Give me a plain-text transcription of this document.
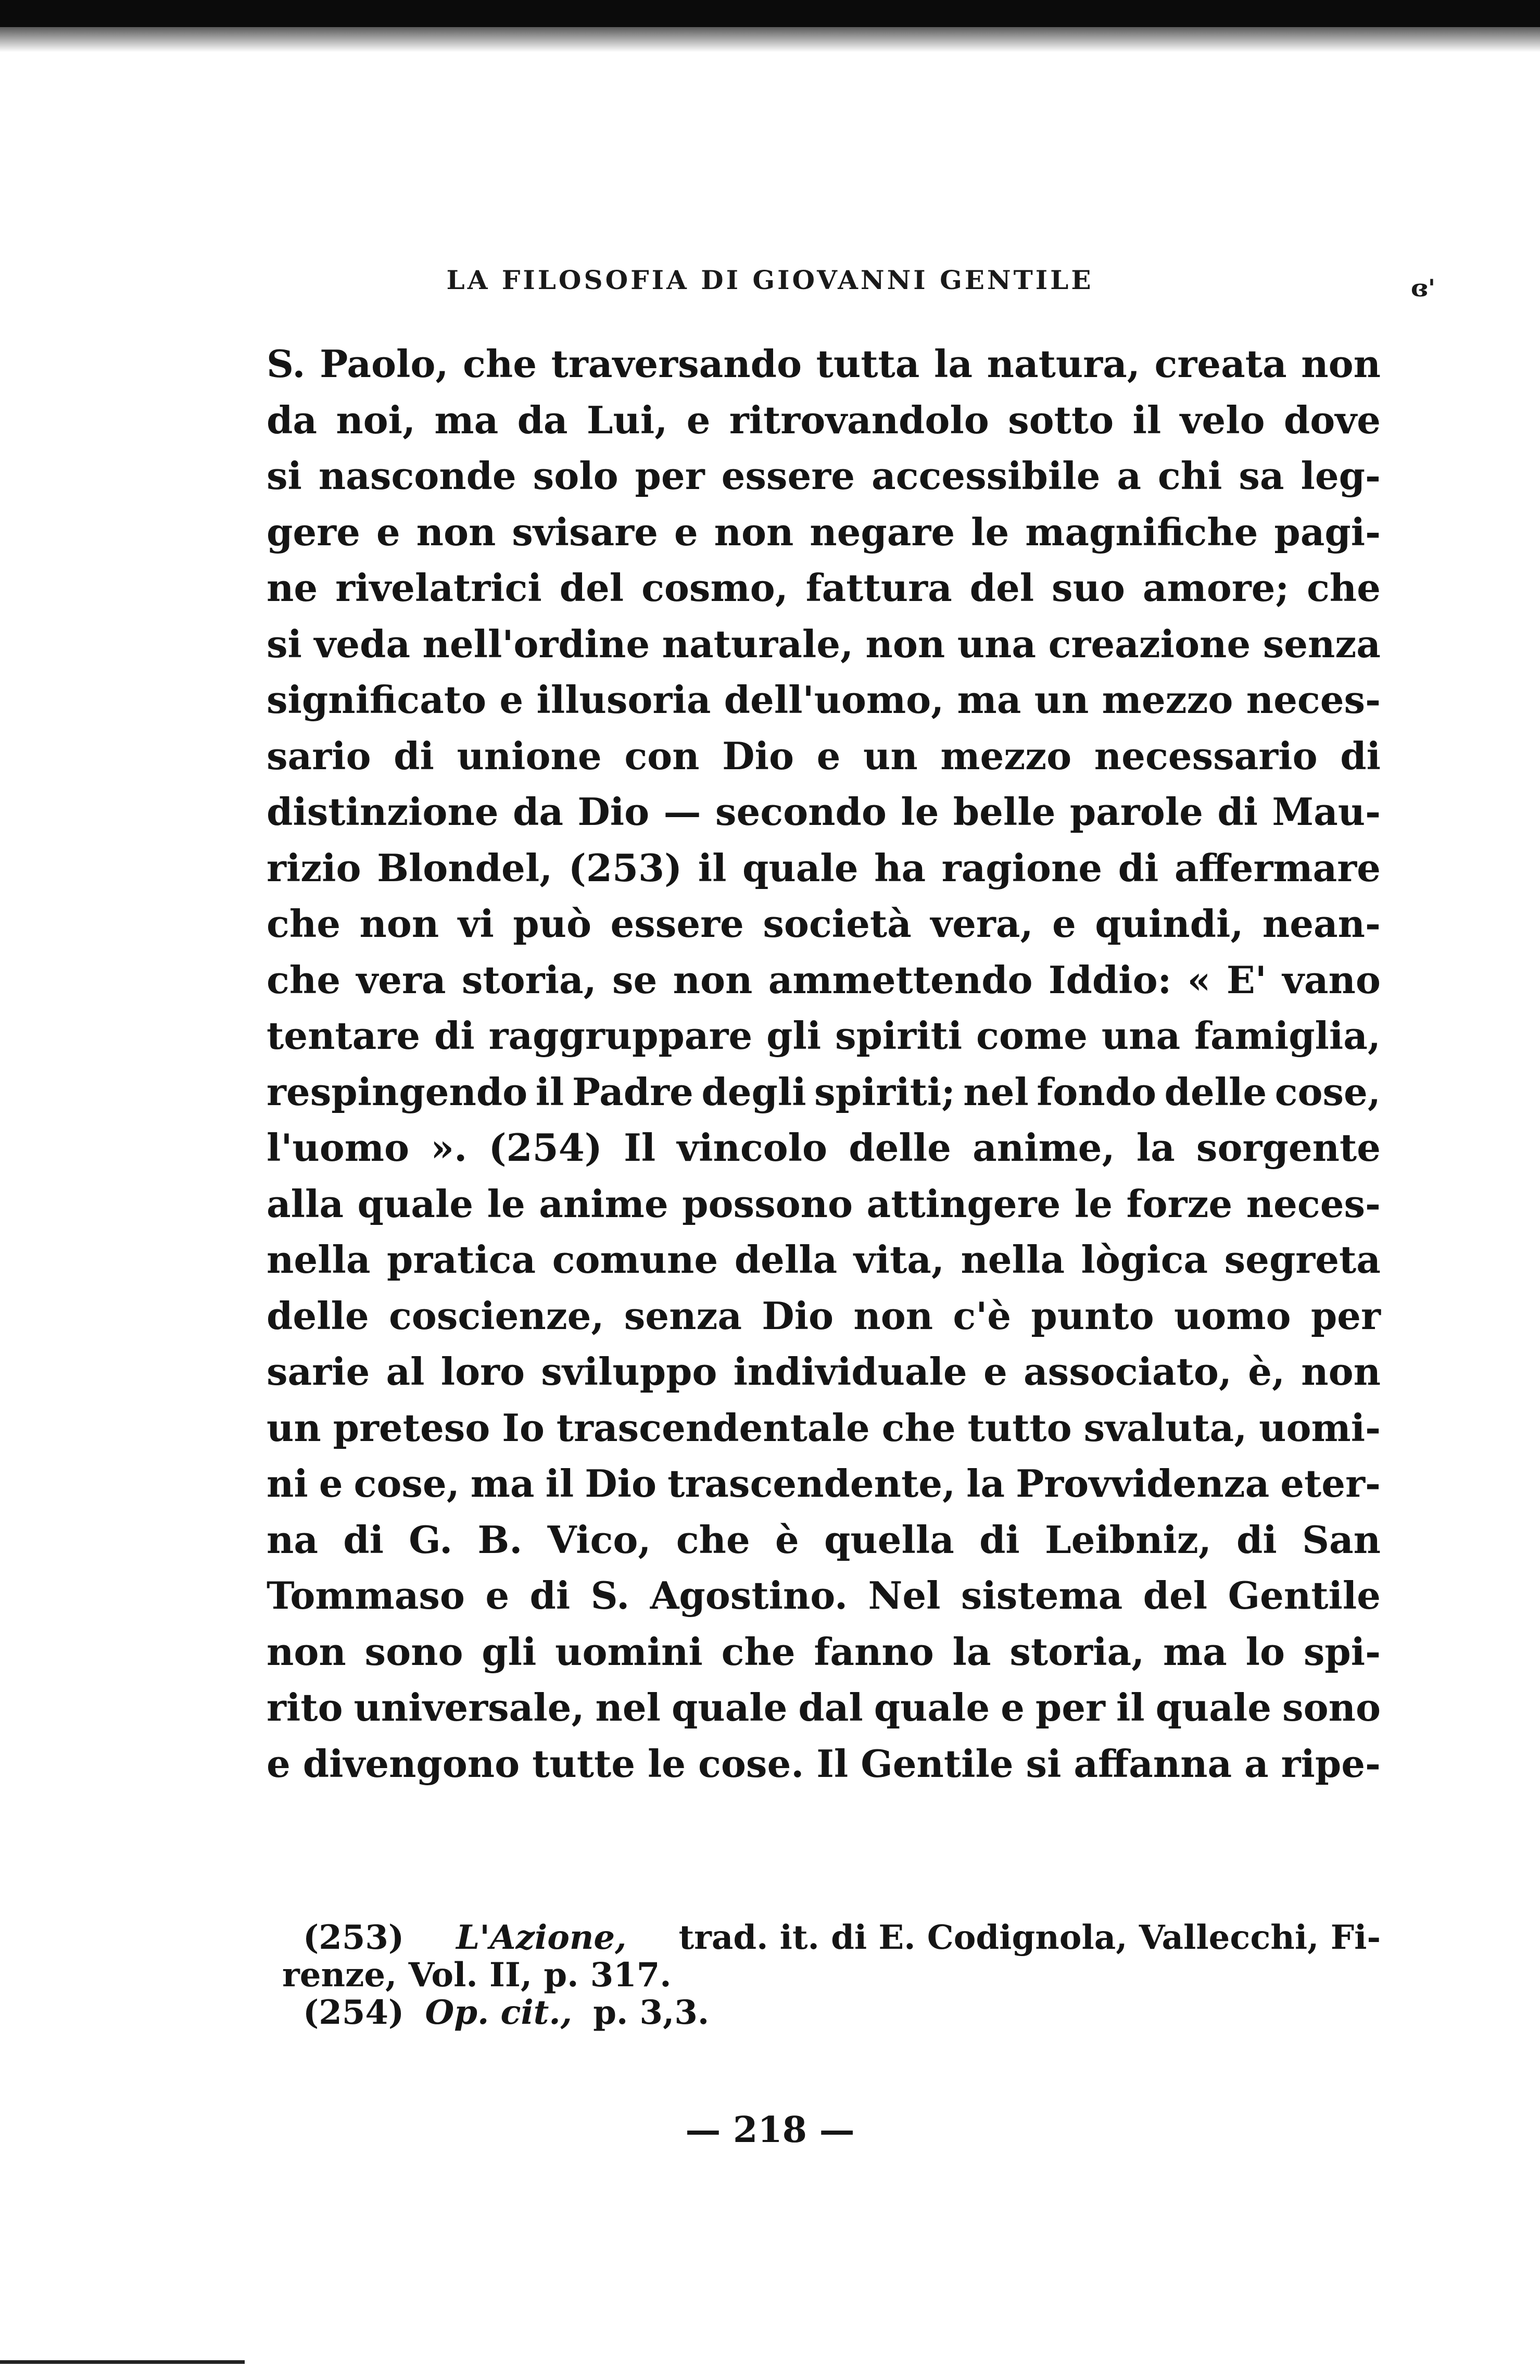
LA FILOSOFIA DI GIOVANNI GENTILE	ɞ'
S. Paolo, che traversando tutta la natura, creata non
da noi, ma da Lui, e ritrovandolo sotto il velo dove
si nasconde solo per essere accessibile a chi sa leg-
gere e non svisare e non negare le magnifiche pagi-
ne rivelatrici del cosmo, fattura del suo amore; che
si veda nell'ordine naturale, non una creazione senza
significato e illusoria dell'uomo, ma un mezzo neces-
sario di unione con Dio e un mezzo necessario di
distinzione da Dio — secondo le belle parole di Mau-
rizio Blondel, (253) il quale ha ragione di affermare
che non vi può essere società vera, e quindi, nean-
che vera storia, se non ammettendo Iddio: « E' vano
tentare di raggruppare gli spiriti come una famiglia,
respingendo il Padre degli spiriti; nel fondo delle cose,
l'uomo ». (254) Il vincolo delle anime, la sorgente
alla quale le anime possono attingere le forze neces-
nella pratica comune della vita, nella lògica segreta
delle coscienze, senza Dio non c'è punto uomo per
sarie al loro sviluppo individuale e associato, è, non
un preteso Io trascendentale che tutto svaluta, uomi-
ni e cose, ma il Dio trascendente, la Provvidenza eter-
na di G. B. Vico, che è quella di Leibniz, di San
Tommaso e di S. Agostino. Nel sistema del Gentile
non sono gli uomini che fanno la storia, ma lo spi-
rito universale, nel quale dal quale e per il quale sono
e divengono tutte le cose. Il Gentile si affanna a ripe-
(253) L'Azione, trad. it. di E. Codignola, Vallecchi, Fi-
renze, Vol. II, p. 317.
(254) Op. cit., p. 3,3.
— 218 —
